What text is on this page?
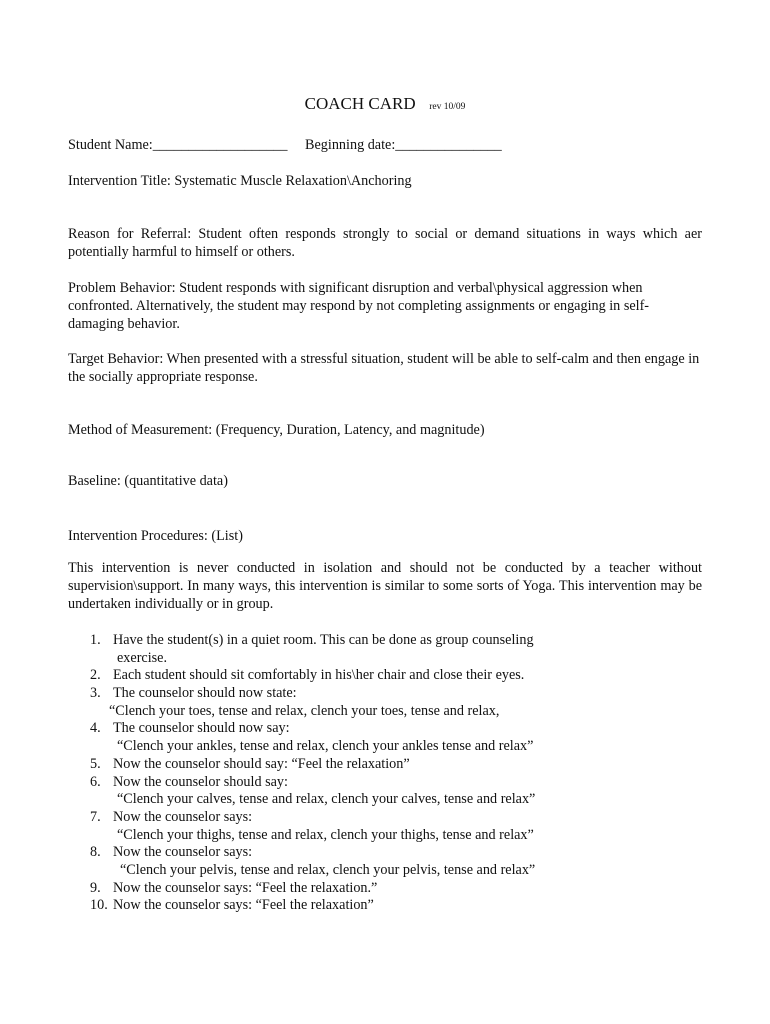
COACH CARD rev 10/09
Student Name:___________________ Beginning date:_______________
Intervention Title: Systematic Muscle Relaxation\Anchoring
Reason for Referral: Student often responds strongly to social or demand situations in ways which aer potentially harmful to himself or others.
Problem Behavior: Student responds with significant disruption and verbal\physical aggression when confronted. Alternatively, the student may respond by not completing assignments or engaging in self-damaging behavior.
Target Behavior: When presented with a stressful situation, student will be able to self-calm and then engage in the socially appropriate response.
Method of Measurement: (Frequency, Duration, Latency, and magnitude)
Baseline: (quantitative data)
Intervention Procedures: (List)
This intervention is never conducted in isolation and should not be conducted by a teacher without supervision\support. In many ways, this intervention is similar to some sorts of Yoga. This intervention may be undertaken individually or in group.
1. Have the student(s) in a quiet room. This can be done as group counseling
exercise.
2. Each student should sit comfortably in his\her chair and close their eyes.
3. The counselor should now state:
“Clench your toes, tense and relax, clench your toes, tense and relax,
4. The counselor should now say:
“Clench your ankles, tense and relax, clench your ankles tense and relax”
5. Now the counselor should say: “Feel the relaxation”
6. Now the counselor should say:
“Clench your calves, tense and relax, clench your calves, tense and relax”
7. Now the counselor says:
“Clench your thighs, tense and relax, clench your thighs, tense and relax”
8. Now the counselor says:
“Clench your pelvis, tense and relax, clench your pelvis, tense and relax”
9. Now the counselor says: “Feel the relaxation.”
10. Now the counselor says: “Feel the relaxation”
